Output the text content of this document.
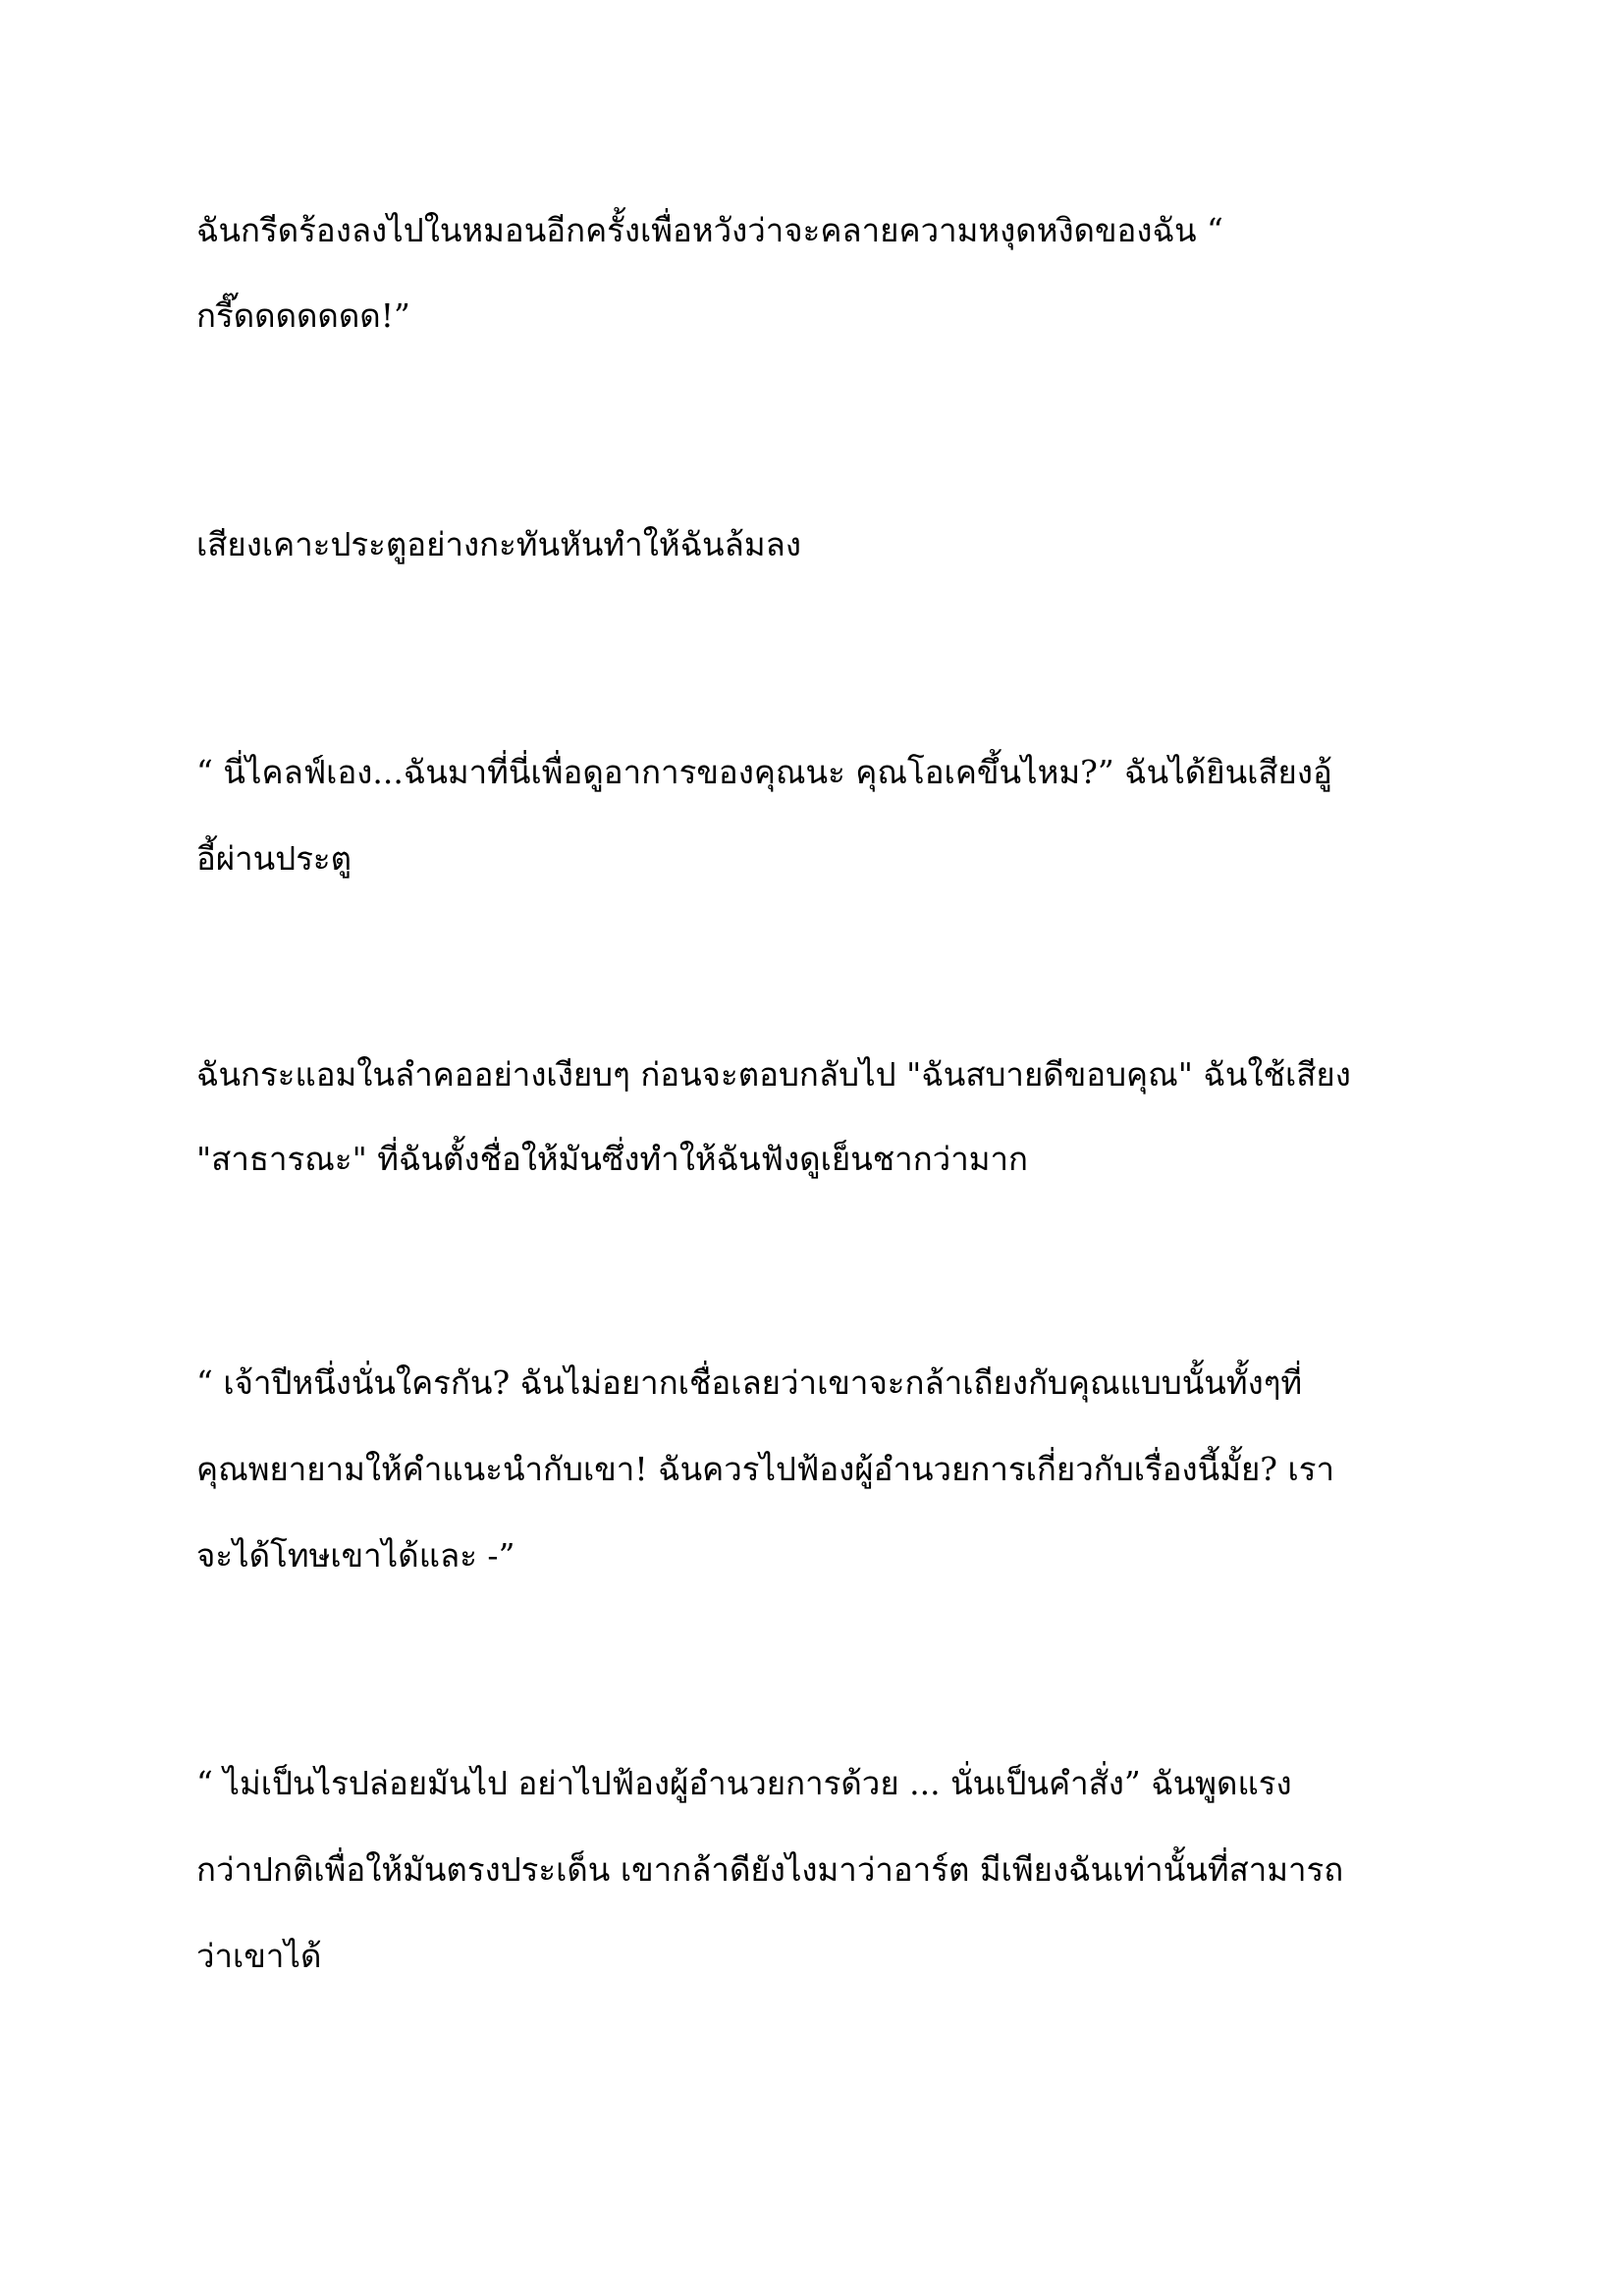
ฉันกรีดร้องลงไปในหมอนอีกครั้งเพื่อหวังว่าจะคลายความหงุดหงิดของฉัน “
กรี๊ดดดดดดด!”
เสียงเคาะประตูอย่างกะทันหันทำให้ฉันล้มลง
“ นี่ไคลฟ์เอง...ฉันมาที่นี่เพื่อดูอาการของคุณนะ คุณโอเคขึ้นไหม?” ฉันได้ยินเสียงอู้
อี้ผ่านประตู
ฉันกระแอมในลำคออย่างเงียบๆ ก่อนจะตอบกลับไป "ฉันสบายดีขอบคุณ" ฉันใช้เสียง
"สาธารณะ" ที่ฉันตั้งชื่อให้มันซึ่งทำให้ฉันฟังดูเย็นชากว่ามาก
“ เจ้าปีหนึ่งนั่นใครกัน? ฉันไม่อยากเชื่อเลยว่าเขาจะกล้าเถียงกับคุณแบบนั้นทั้งๆที่
คุณพยายามให้คำแนะนำกับเขา! ฉันควรไปฟ้องผู้อำนวยการเกี่ยวกับเรื่องนี้มั้ย? เรา
จะได้โทษเขาได้และ -”
“ ไม่เป็นไรปล่อยมันไป อย่าไปฟ้องผู้อำนวยการด้วย ... นั่นเป็นคำสั่ง” ฉันพูดแรง
กว่าปกติเพื่อให้มันตรงประเด็น เขากล้าดียังไงมาว่าอาร์ต มีเพียงฉันเท่านั้นที่สามารถ
ว่าเขาได้
